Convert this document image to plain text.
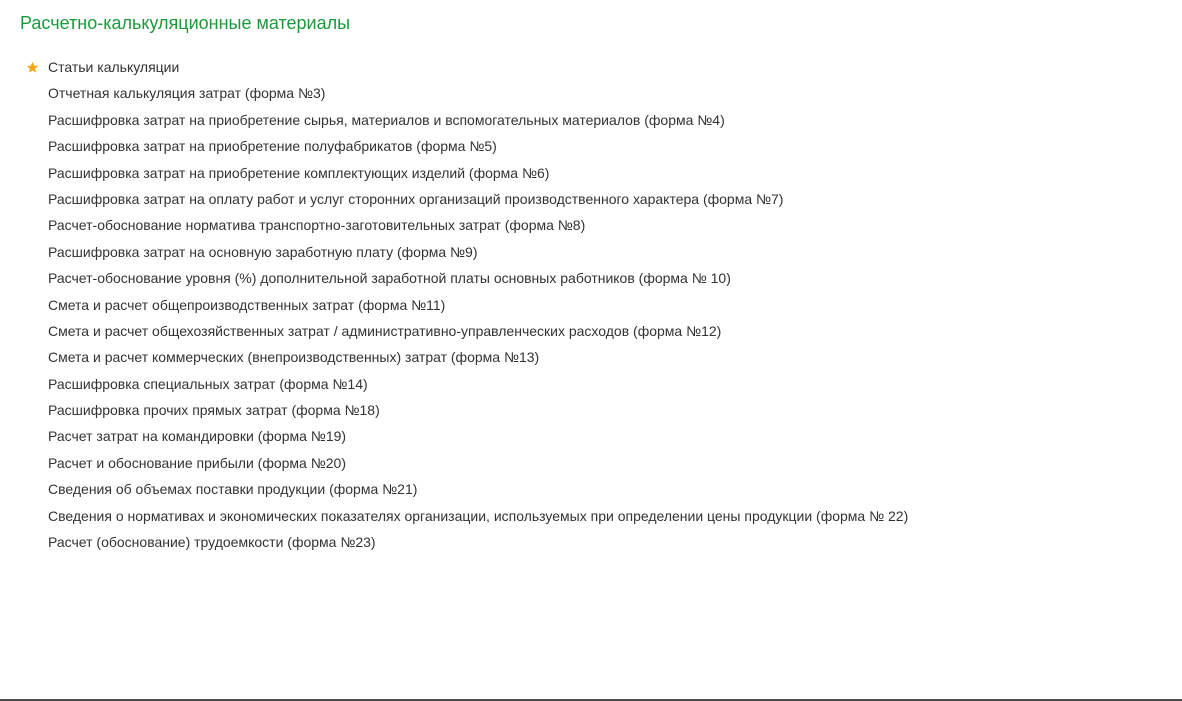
Расчетно-калькуляционные материалы
Статьи калькуляции
Отчетная калькуляция затрат (форма №3)
Расшифровка затрат на приобретение сырья, материалов и вспомогательных материалов (форма №4)
Расшифровка затрат на приобретение полуфабрикатов (форма №5)
Расшифровка затрат на приобретение комплектующих изделий (форма №6)
Расшифровка затрат на оплату работ и услуг сторонних организаций производственного характера (форма №7)
Расчет-обоснование норматива транспортно-заготовительных затрат (форма №8)
Расшифровка затрат на основную заработную плату (форма №9)
Расчет-обоснование уровня (%) дополнительной заработной платы основных работников (форма № 10)
Смета и расчет общепроизводственных затрат (форма №11)
Смета и расчет общехозяйственных затрат / административно-управленческих расходов (форма №12)
Смета и расчет коммерческих (внепроизводственных) затрат (форма №13)
Расшифровка специальных затрат (форма №14)
Расшифровка прочих прямых затрат (форма №18)
Расчет затрат на командировки (форма №19)
Расчет и обоснование прибыли (форма №20)
Сведения об объемах поставки продукции (форма №21)
Сведения о нормативах и экономических показателях организации, используемых при определении цены продукции (форма № 22)
Расчет (обоснование) трудоемкости (форма №23)
